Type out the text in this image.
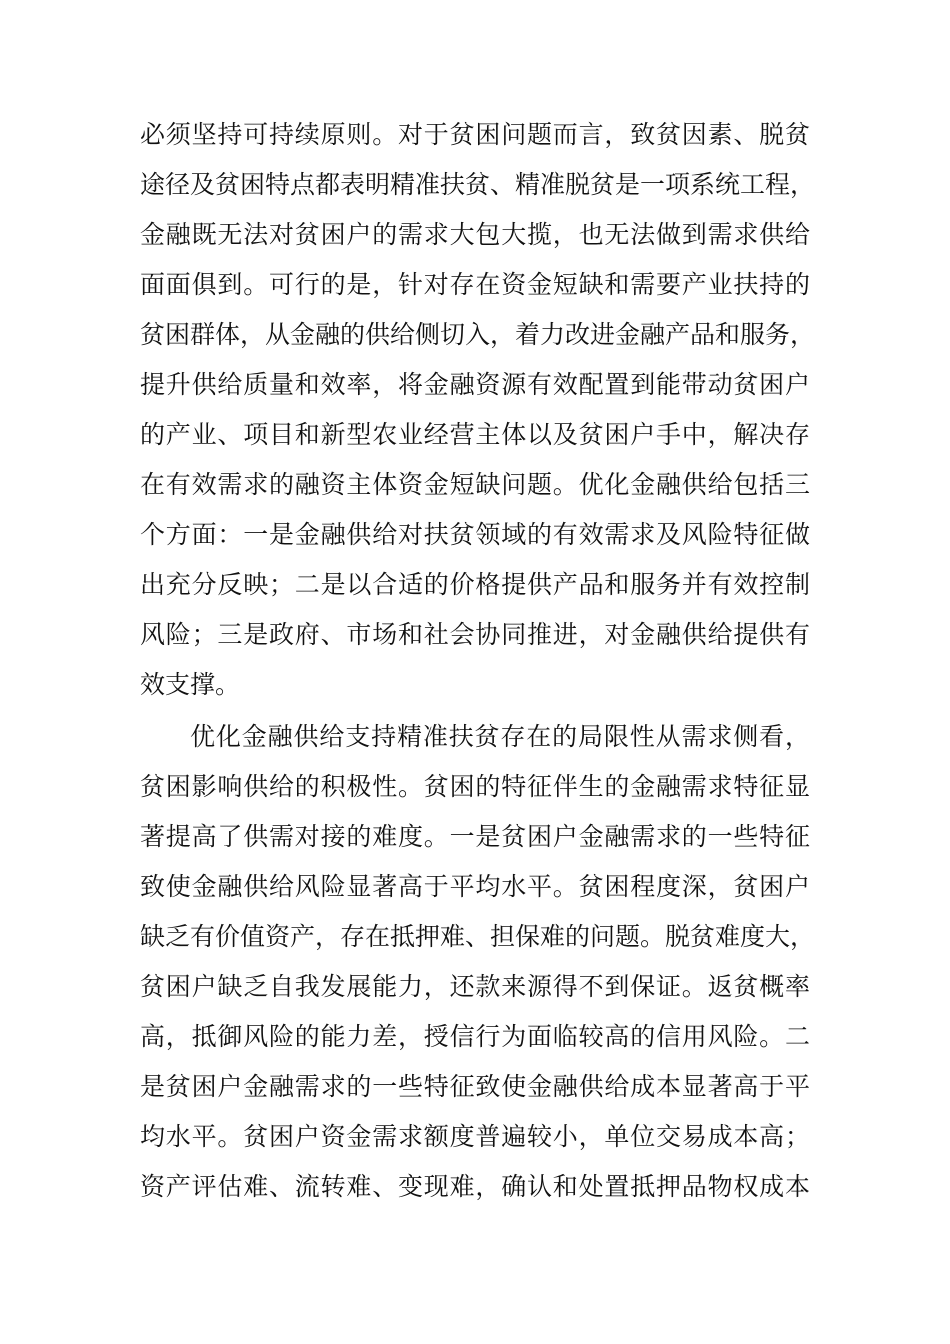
必须坚持可持续原则。对于贫困问题而言，致贫因素、脱贫
途径及贫困特点都表明精准扶贫、精准脱贫是一项系统工程，
金融既无法对贫困户的需求大包大揽，也无法做到需求供给
面面俱到。可行的是，针对存在资金短缺和需要产业扶持的
贫困群体，从金融的供给侧切入，着力改进金融产品和服务，
提升供给质量和效率，将金融资源有效配置到能带动贫困户
的产业、项目和新型农业经营主体以及贫困户手中，解决存
在有效需求的融资主体资金短缺问题。优化金融供给包括三
个方面：一是金融供给对扶贫领域的有效需求及风险特征做
出充分反映；二是以合适的价格提供产品和服务并有效控制
风险；三是政府、市场和社会协同推进，对金融供给提供有
效支撑。
优化金融供给支持精准扶贫存在的局限性从需求侧看，
贫困影响供给的积极性。贫困的特征伴生的金融需求特征显
著提高了供需对接的难度。一是贫困户金融需求的一些特征
致使金融供给风险显著高于平均水平。贫困程度深，贫困户
缺乏有价值资产，存在抵押难、担保难的问题。脱贫难度大，
贫困户缺乏自我发展能力，还款来源得不到保证。返贫概率
高，抵御风险的能力差，授信行为面临较高的信用风险。二
是贫困户金融需求的一些特征致使金融供给成本显著高于平
均水平。贫困户资金需求额度普遍较小，单位交易成本高；
资产评估难、流转难、变现难，确认和处置抵押品物权成本
